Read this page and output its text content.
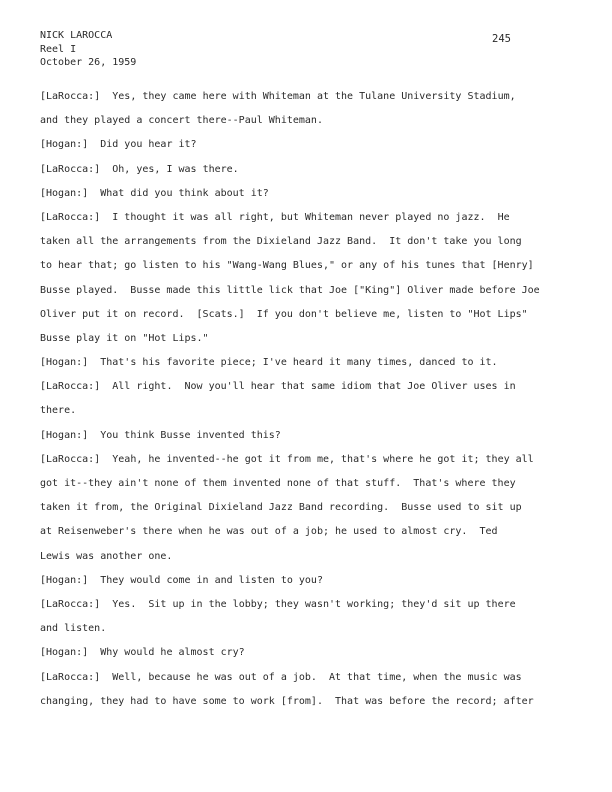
NICK LAROCCA
Reel I
October 26, 1959
245
[LaRocca:]  Yes, they came here with Whiteman at the Tulane University Stadium,
and they played a concert there--Paul Whiteman.
[Hogan:]  Did you hear it?
[LaRocca:]  Oh, yes, I was there.
[Hogan:]  What did you think about it?
[LaRocca:]  I thought it was all right, but Whiteman never played no jazz.  He
taken all the arrangements from the Dixieland Jazz Band.  It don't take you long
to hear that; go listen to his "Wang-Wang Blues," or any of his tunes that [Henry]
Busse played.  Busse made this little lick that Joe ["King"] Oliver made before Joe
Oliver put it on record.  [Scats.]  If you don't believe me, listen to "Hot Lips"
Busse play it on "Hot Lips."
[Hogan:]  That's his favorite piece; I've heard it many times, danced to it.
[LaRocca:]  All right.  Now you'll hear that same idiom that Joe Oliver uses in
there.
[Hogan:]  You think Busse invented this?
[LaRocca:]  Yeah, he invented--he got it from me, that's where he got it; they all
got it--they ain't none of them invented none of that stuff.  That's where they
taken it from, the Original Dixieland Jazz Band recording.  Busse used to sit up
at Reisenweber's there when he was out of a job; he used to almost cry.  Ted
Lewis was another one.
[Hogan:]  They would come in and listen to you?
[LaRocca:]  Yes.  Sit up in the lobby; they wasn't working; they'd sit up there
and listen.
[Hogan:]  Why would he almost cry?
[LaRocca:]  Well, because he was out of a job.  At that time, when the music was
changing, they had to have some to work [from].  That was before the record; after
